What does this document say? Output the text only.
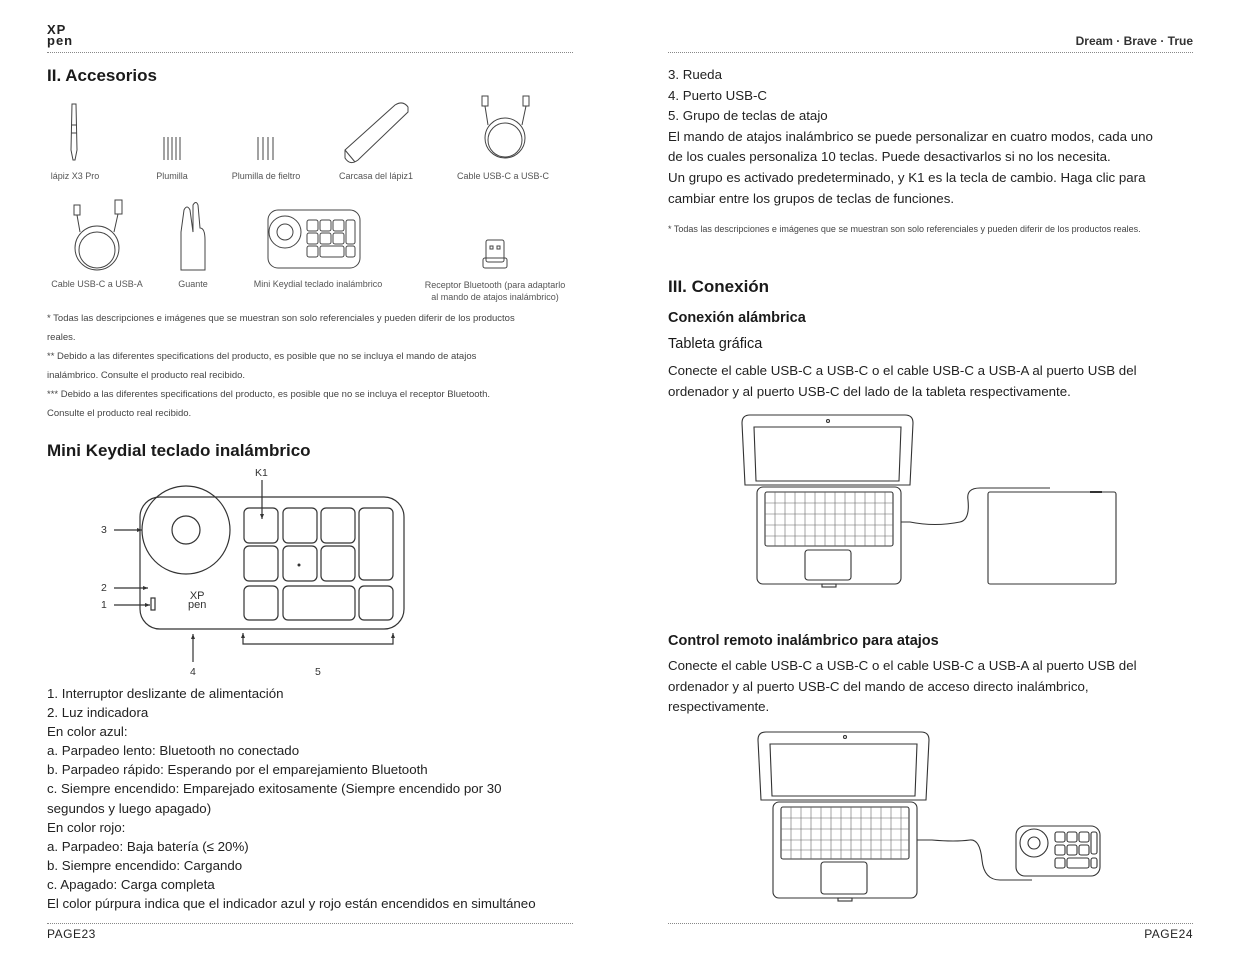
XP
pen
II. Accesorios
lápiz X3 Pro	Plumilla	Plumilla de fieltro	Carcasa del lápiz1	Cable USB-C a USB-C
Cable USB-C a USB-A	Guante	Mini Keydial teclado inalámbrico	Receptor Bluetooth (para adaptarlo
al mando de atajos inalámbrico)
* Todas las descripciones e imágenes que se muestran son solo referenciales y pueden diferir de los productos
reales.
** Debido a las diferentes specifications del producto, es posible que no se incluya el mando de atajos
inalámbrico. Consulte el producto real recibido.
*** Debido a las diferentes specifications del producto, es posible que no se incluya el receptor Bluetooth.
Consulte el producto real recibido.
Mini Keydial teclado inalámbrico
K1
3
2
1
4	5
XP
pen
1. Interruptor deslizante de alimentación
2. Luz indicadora
En color azul:
a. Parpadeo lento: Bluetooth no conectado
b. Parpadeo rápido: Esperando por el emparejamiento Bluetooth
c. Siempre encendido: Emparejado exitosamente (Siempre encendido por 30
segundos y luego apagado)
En color rojo:
a. Parpadeo: Baja batería (≤ 20%)
b. Siempre encendido: Cargando
c. Apagado: Carga completa
El color púrpura indica que el indicador azul y rojo están encendidos en simultáneo
PAGE23
Dream · Brave · True
3. Rueda
4. Puerto USB-C
5. Grupo de teclas de atajo
El mando de atajos inalámbrico se puede personalizar en cuatro modos, cada uno
de los cuales personaliza 10 teclas. Puede desactivarlos si no los necesita.
Un grupo es activado predeterminado, y K1 es la tecla de cambio. Haga clic para
cambiar entre los grupos de teclas de funciones.
* Todas las descripciones e imágenes que se muestran son solo referenciales y pueden diferir de los productos reales.
III. Conexión
Conexión alámbrica
Tableta gráfica
Conecte el cable USB-C a USB-C o el cable USB-C a USB-A al puerto USB del
ordenador y al puerto USB-C del lado de la tableta respectivamente.
Control remoto inalámbrico para atajos
Conecte el cable USB-C a USB-C o el cable USB-C a USB-A al puerto USB del
ordenador y al puerto USB-C del mando de acceso directo inalámbrico,
respectivamente.
PAGE24
